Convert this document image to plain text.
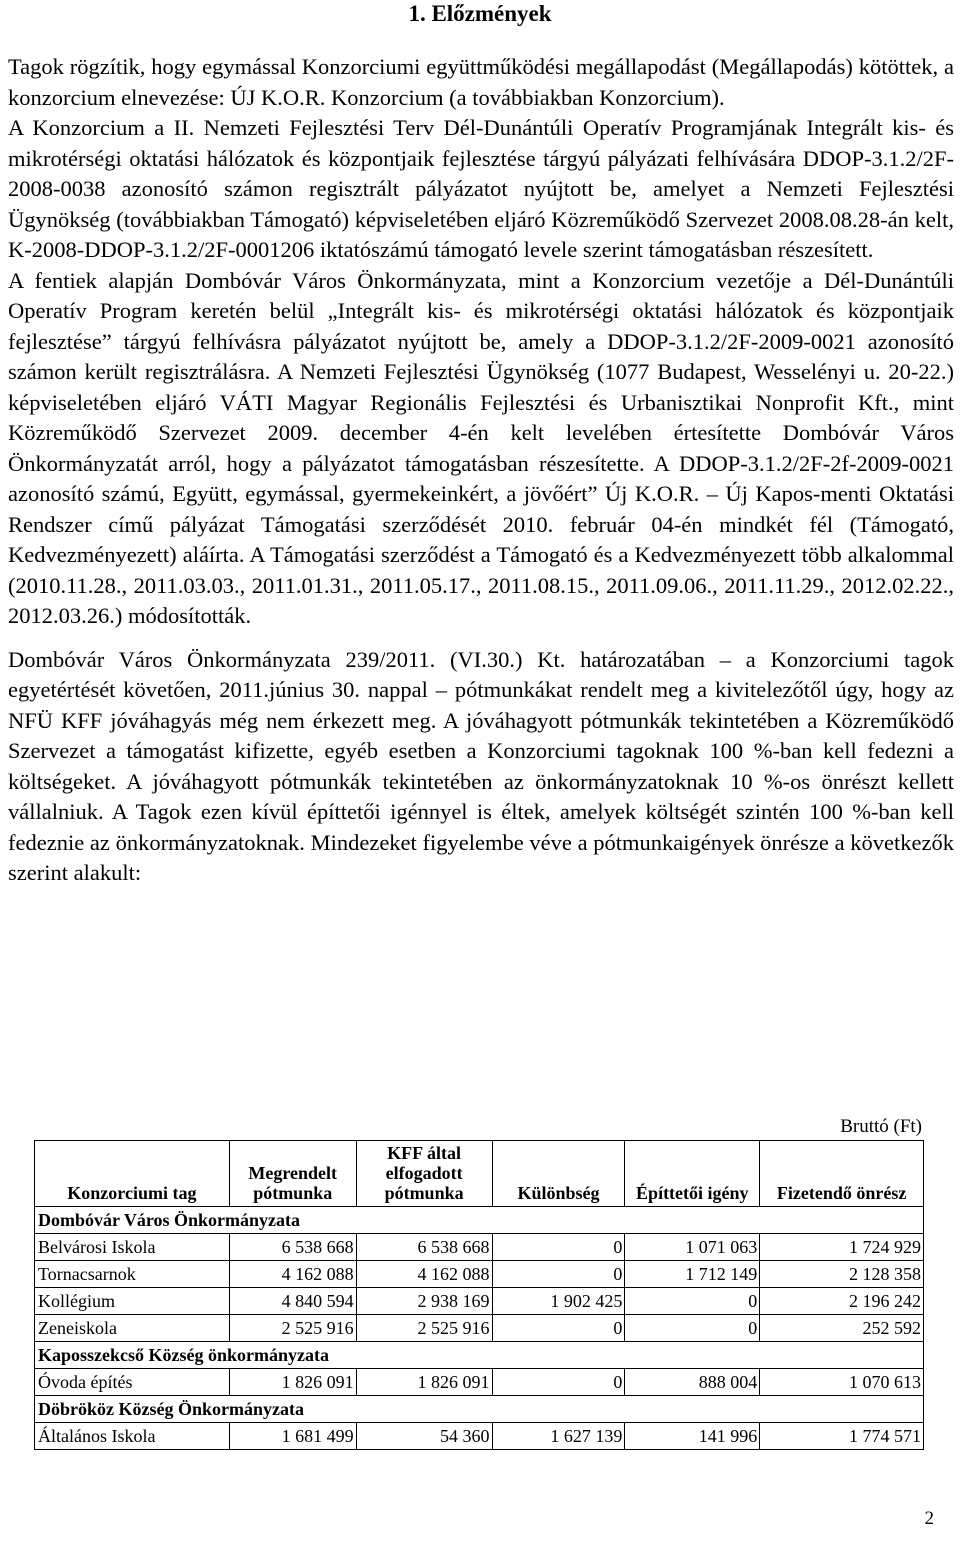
1. Előzmények

Tagok rögzítik, hogy egymással Konzorciumi együttműködési megállapodást (Megállapodás) kötöttek, a konzorcium elnevezése: ÚJ K.O.R. Konzorcium (a továbbiakban Konzorcium).

A Konzorcium a II. Nemzeti Fejlesztési Terv Dél-Dunántúli Operatív Programjának Integrált kis- és mikrotérségi oktatási hálózatok és központjaik fejlesztése tárgyú pályázati felhívására DDOP-3.1.2/2F-2008-0038 azonosító számon regisztrált pályázatot nyújtott be, amelyet a Nemzeti Fejlesztési Ügynökség (továbbiakban Támogató) képviseletében eljáró Közreműködő Szervezet 2008.08.28-án kelt, K-2008-DDOP-3.1.2/2F-0001206 iktatószámú támogató levele szerint támogatásban részesített.

A fentiek alapján Dombóvár Város Önkormányzata, mint a Konzorcium vezetője a Dél-Dunántúli Operatív Program keretén belül „Integrált kis- és mikrotérségi oktatási hálózatok és központjaik fejlesztése” tárgyú felhívásra pályázatot nyújtott be, amely a DDOP-3.1.2/2F-2009-0021 azonosító számon került regisztrálásra. A Nemzeti Fejlesztési Ügynökség (1077 Budapest, Wesselényi u. 20-22.) képviseletében eljáró VÁTI Magyar Regionális Fejlesztési és Urbanisztikai Nonprofit Kft., mint Közreműködő Szervezet 2009. december 4-én kelt levelében értesítette Dombóvár Város Önkormányzatát arról, hogy a pályázatot támogatásban részesítette. A DDOP-3.1.2/2F-2f-2009-0021 azonosító számú, Együtt, egymással, gyermekeinkért, a jövőért” Új K.O.R. – Új Kapos-menti Oktatási Rendszer című pályázat Támogatási szerződését 2010. február 04-én mindkét fél (Támogató, Kedvezményezett) aláírta. A Támogatási szerződést a Támogató és a Kedvezményezett több alkalommal (2010.11.28., 2011.03.03., 2011.01.31., 2011.05.17., 2011.08.15., 2011.09.06., 2011.11.29., 2012.02.22., 2012.03.26.) módosították.

Dombóvár Város Önkormányzata 239/2011. (VI.30.) Kt. határozatában – a Konzorciumi tagok egyetértését követően, 2011.június 30. nappal – pótmunkákat rendelt meg a kivitelezőtől úgy, hogy az NFÜ KFF jóváhagyás még nem érkezett meg. A jóváhagyott pótmunkák tekintetében a Közreműködő Szervezet a támogatást kifizette, egyéb esetben a Konzorciumi tagoknak 100 %-ban kell fedezni a költségeket. A jóváhagyott pótmunkák tekintetében az önkormányzatoknak 10 %-os önrészt kellett vállalniuk. A Tagok ezen kívül építtetői igénnyel is éltek, amelyek költségét szintén 100 %-ban kell fedeznie az önkormányzatoknak. Mindezeket figyelembe véve a pótmunkaigények önrésze a következők szerint alakult:

Bruttó (Ft)
Konzorciumi tag	Megrendelt pótmunka	KFF által elfogadott pótmunka	Különbség	Építtetői igény	Fizetendő önrész
Dombóvár Város Önkormányzata					
Belvárosi Iskola	6 538 668	6 538 668	0	1 071 063	1 724 929
Tornacsarnok	4 162 088	4 162 088	0	1 712 149	2 128 358
Kollégium	4 840 594	2 938 169	1 902 425	0	2 196 242
Zeneiskola	2 525 916	2 525 916	0	0	252 592
Kaposszekcső Község önkormányzata					
Óvoda építés	1 826 091	1 826 091	0	888 004	1 070 613
Döbrököz Község Önkormányzata					
Általános Iskola	1 681 499	54 360	1 627 139	141 996	1 774 571
2
